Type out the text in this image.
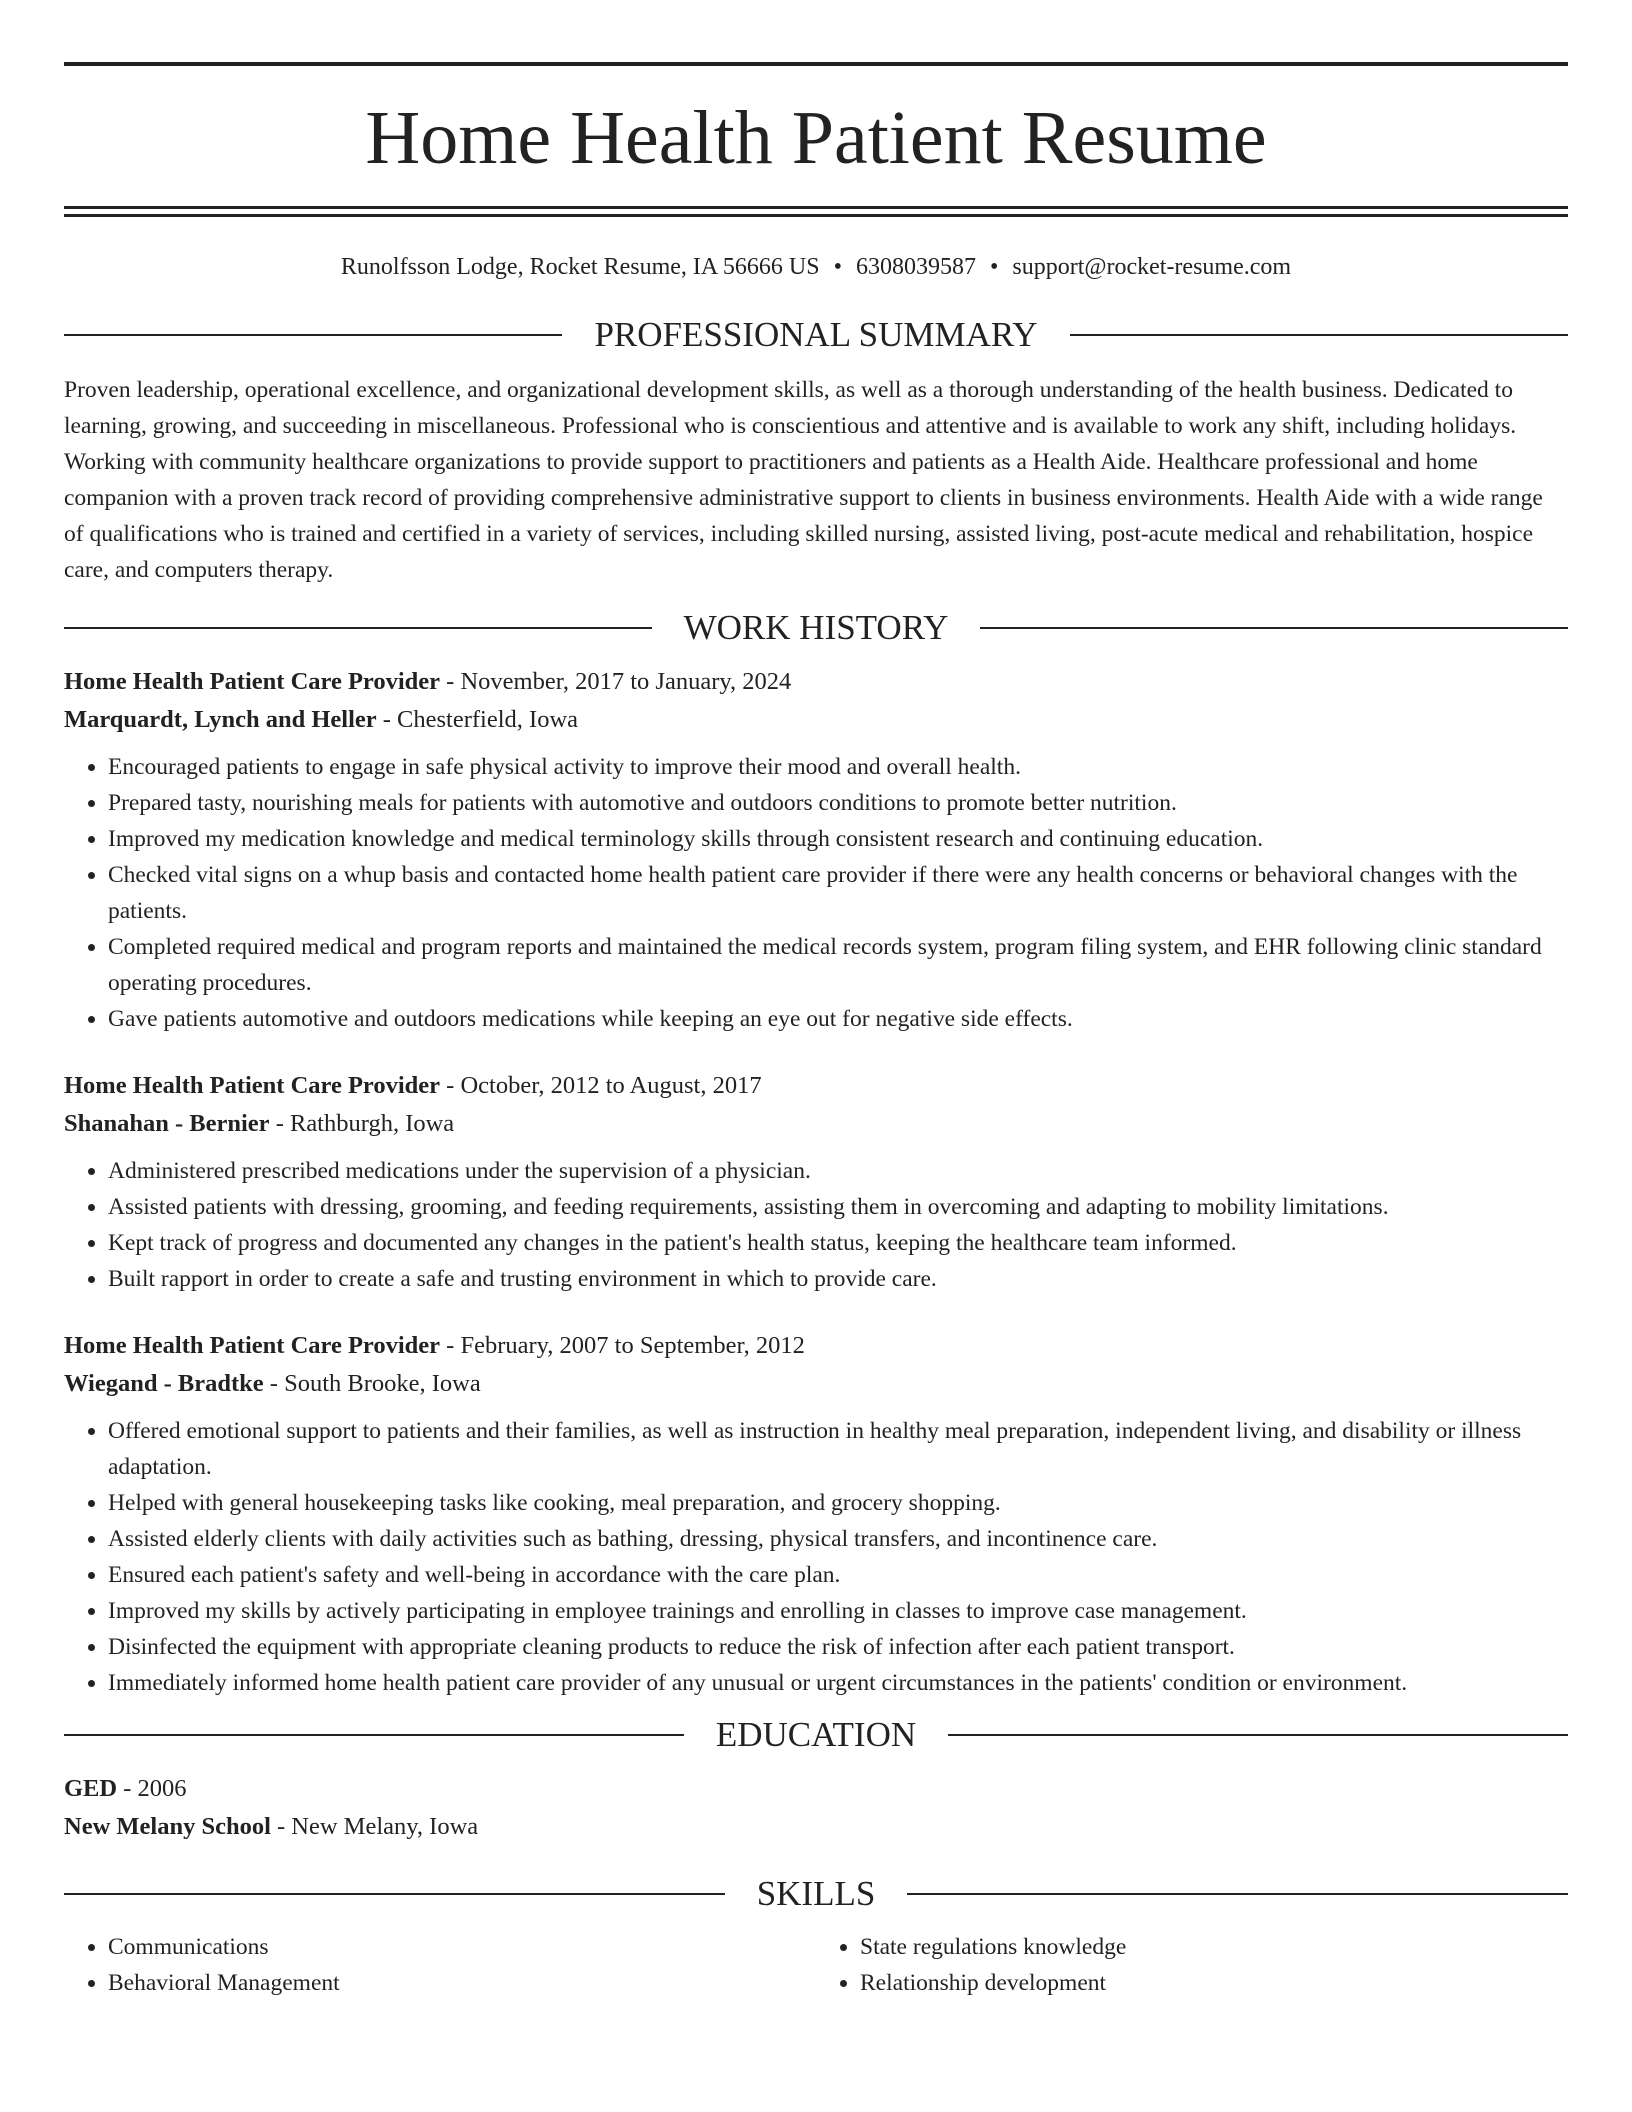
Home Health Patient Resume
Runolfsson Lodge, Rocket Resume, IA 56666 US • 6308039587 • support@rocket-resume.com
PROFESSIONAL SUMMARY

Proven leadership, operational excellence, and organizational development skills, as well as a thorough understanding of the health business. Dedicated to learning, growing, and succeeding in miscellaneous. Professional who is conscientious and attentive and is available to work any shift, including holidays. Working with community healthcare organizations to provide support to practitioners and patients as a Health Aide. Healthcare professional and home companion with a proven track record of providing comprehensive administrative support to clients in business environments. Health Aide with a wide range of qualifications who is trained and certified in a variety of services, including skilled nursing, assisted living, post-acute medical and rehabilitation, hospice care, and computers therapy.

WORK HISTORY

Home Health Patient Care Provider - November, 2017 to January, 2024

Marquardt, Lynch and Heller - Chesterfield, Iowa

• Encouraged patients to engage in safe physical activity to improve their mood and overall health.
• Prepared tasty, nourishing meals for patients with automotive and outdoors conditions to promote better nutrition.
• Improved my medication knowledge and medical terminology skills through consistent research and continuing education.
• Checked vital signs on a whup basis and contacted home health patient care provider if there were any health concerns or behavioral changes with the patients.
• Completed required medical and program reports and maintained the medical records system, program filing system, and EHR following clinic standard operating procedures.
• Gave patients automotive and outdoors medications while keeping an eye out for negative side effects.

Home Health Patient Care Provider - October, 2012 to August, 2017

Shanahan - Bernier - Rathburgh, Iowa

• Administered prescribed medications under the supervision of a physician.
• Assisted patients with dressing, grooming, and feeding requirements, assisting them in overcoming and adapting to mobility limitations.
• Kept track of progress and documented any changes in the patient's health status, keeping the healthcare team informed.
• Built rapport in order to create a safe and trusting environment in which to provide care.

Home Health Patient Care Provider - February, 2007 to September, 2012

Wiegand - Bradtke - South Brooke, Iowa

• Offered emotional support to patients and their families, as well as instruction in healthy meal preparation, independent living, and disability or illness adaptation.
• Helped with general housekeeping tasks like cooking, meal preparation, and grocery shopping.
• Assisted elderly clients with daily activities such as bathing, dressing, physical transfers, and incontinence care.
• Ensured each patient's safety and well-being in accordance with the care plan.
• Improved my skills by actively participating in employee trainings and enrolling in classes to improve case management.
• Disinfected the equipment with appropriate cleaning products to reduce the risk of infection after each patient transport.
• Immediately informed home health patient care provider of any unusual or urgent circumstances in the patients' condition or environment.
EDUCATION

GED - 2006

New Melany School - New Melany, Iowa

SKILLS
• Communications
• Behavioral Management
• State regulations knowledge
• Relationship development
